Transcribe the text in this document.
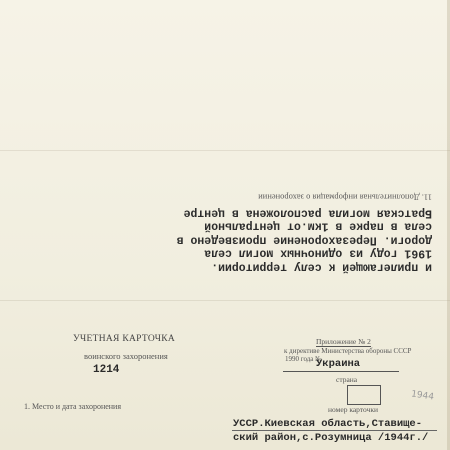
и прилегающей к селу территории.
1961 году из одиночных могил села
дороги. Перезахоронение произведено в
села в парке в 1км.от центральной
Братская могила расположена в центре
11. Дополнительная информация о захоронении
УЧЕТНАЯ КАРТОЧКА
воинского захоронения
1214
Приложение № 2
к директиве Министерства обороны СССР
1990 года №
Украина
страна
номер карточки
1944
1. Место и дата захоронения
УССР.Киевская область,Ставище-
ский район,с.Розумница /1944г./
